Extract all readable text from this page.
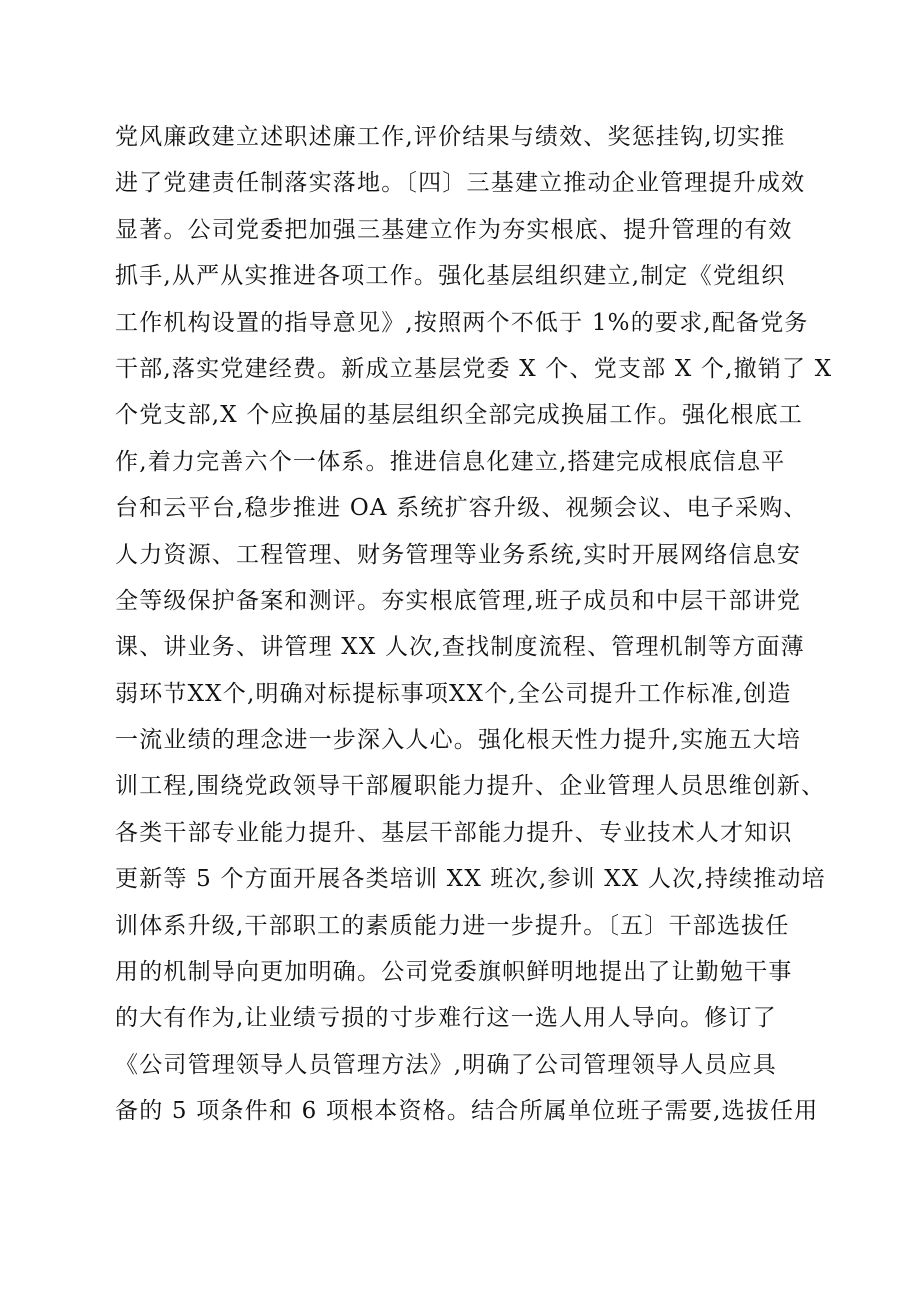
党风廉政建立述职述廉工作,评价结果与绩效、奖惩挂钩,切实推
进了党建责任制落实落地。〔四〕三基建立推动企业管理提升成效
显著。公司党委把加强三基建立作为夯实根底、提升管理的有效
抓手,从严从实推进各项工作。强化基层组织建立,制定《党组织
工作机构设置的指导意见》,按照两个不低于 1%的要求,配备党务
干部,落实党建经费。新成立基层党委 X 个、党支部 X 个,撤销了 X
个党支部,X 个应换届的基层组织全部完成换届工作。强化根底工
作,着力完善六个一体系。推进信息化建立,搭建完成根底信息平
台和云平台,稳步推进 OA 系统扩容升级、视频会议、电子采购、
人力资源、工程管理、财务管理等业务系统,实时开展网络信息安
全等级保护备案和测评。夯实根底管理,班子成员和中层干部讲党
课、讲业务、讲管理 XX 人次,查找制度流程、管理机制等方面薄
弱环节XX个,明确对标提标事项XX个,全公司提升工作标准,创造
一流业绩的理念进一步深入人心。强化根天性力提升,实施五大培
训工程,围绕党政领导干部履职能力提升、企业管理人员思维创新、
各类干部专业能力提升、基层干部能力提升、专业技术人才知识
更新等 5 个方面开展各类培训 XX 班次,参训 XX 人次,持续推动培
训体系升级,干部职工的素质能力进一步提升。〔五〕干部选拔任
用的机制导向更加明确。公司党委旗帜鲜明地提出了让勤勉干事
的大有作为,让业绩亏损的寸步难行这一选人用人导向。修订了
《公司管理领导人员管理方法》,明确了公司管理领导人员应具
备的 5 项条件和 6 项根本资格。结合所属单位班子需要,选拔任用
